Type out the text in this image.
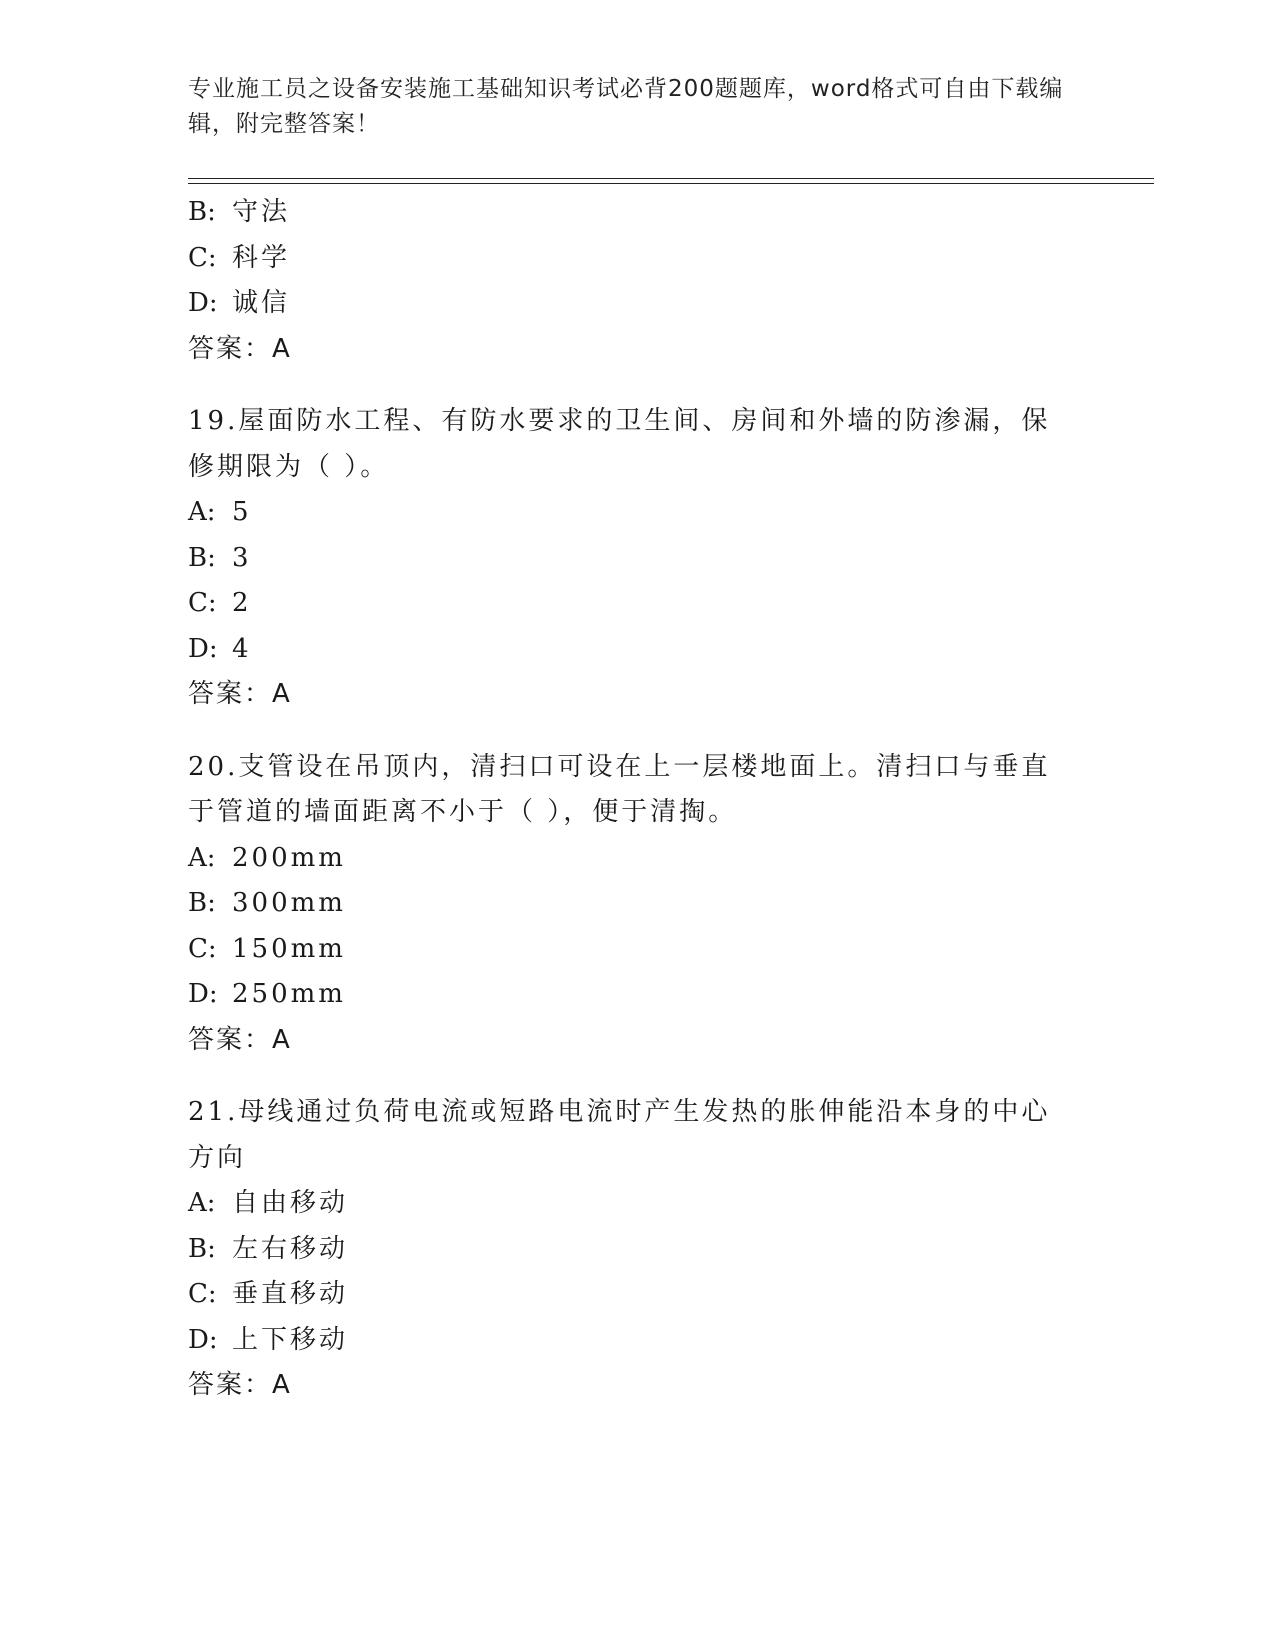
专业施工员之设备安装施工基础知识考试必背200题题库，word格式可自由下载编辑，附完整答案！
B: 守法
C: 科学
D: 诚信
答案：A
19.屋面防水工程、有防水要求的卫生间、房间和外墙的防渗漏，保修期限为（ ）。
A: 5
B: 3
C: 2
D: 4
答案：A
20.支管设在吊顶内，清扫口可设在上一层楼地面上。清扫口与垂直于管道的墙面距离不小于（ ），便于清掏。
A: 200mm
B: 300mm
C: 150mm
D: 250mm
答案：A
21.母线通过负荷电流或短路电流时产生发热的胀伸能沿本身的中心方向
A: 自由移动
B: 左右移动
C: 垂直移动
D: 上下移动
答案：A
